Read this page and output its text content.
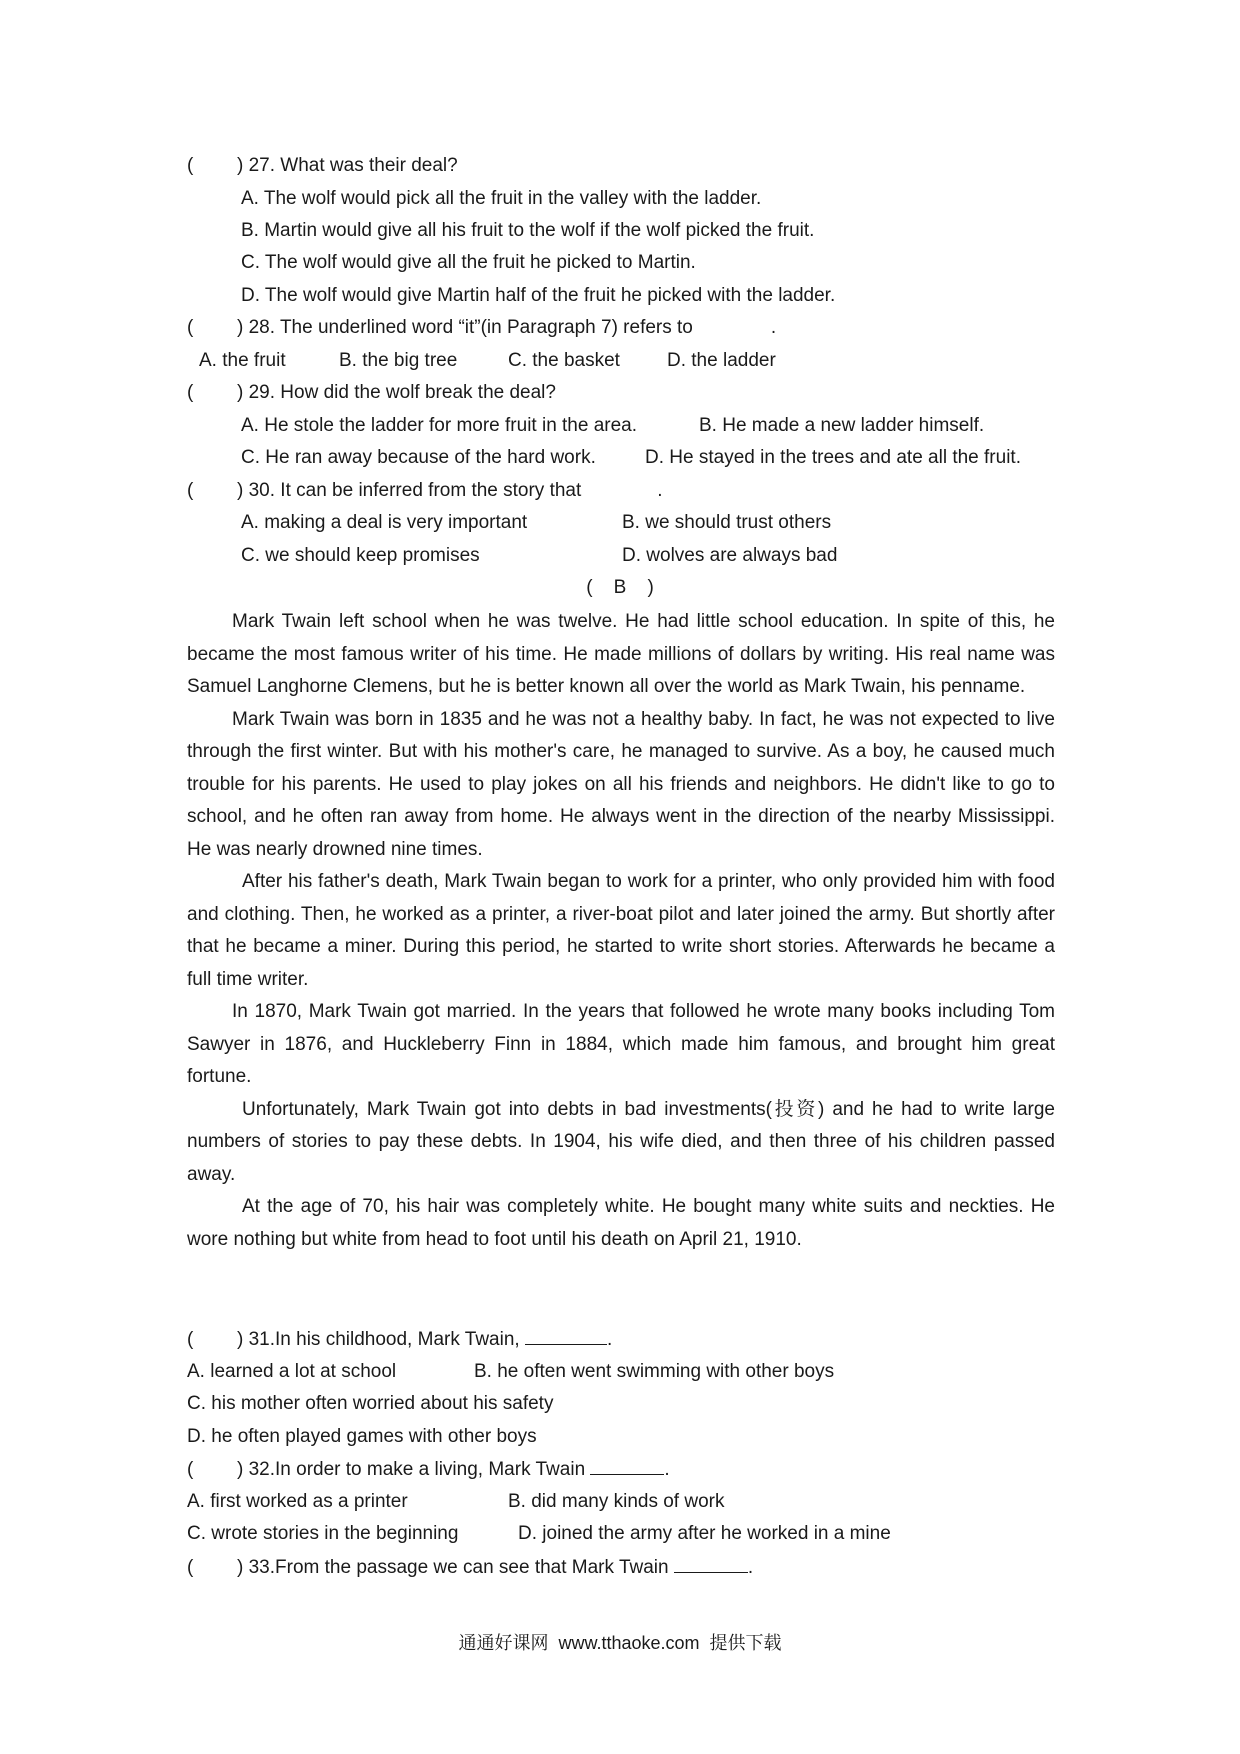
( ) 27. What was their deal?
A. The wolf would pick all the fruit in the valley with the ladder.
B. Martin would give all his fruit to the wolf if the wolf picked the fruit.
C. The wolf would give all the fruit he picked to Martin.
D. The wolf would give Martin half of the fruit he picked with the ladder.
( ) 28. The underlined word “it”(in Paragraph 7) refers to	.
A. the fruit	B. the big tree	C. the basket D. the ladder
( ) 29. How did the wolf break the deal?
A. He stole the ladder for more fruit in the area.	B. He made a new ladder himself.
C. He ran away because of the hard work.	D. He stayed in the trees and ate all the fruit.
( ) 30. It can be inferred from the story that	.
A. making a deal is very important	B. we should trust others
C. we should keep promises	D. wolves are always bad
(    B    )

Mark Twain left school when he was twelve. He had little school education. In spite of this, he became the most famous writer of his time. He made millions of dollars by writing. His real name was Samuel Langhorne Clemens, but he is better known all over the world as Mark Twain, his penname.

Mark Twain was born in 1835 and he was not a healthy baby. In fact, he was not expected to live through the first winter. But with his mother's care, he managed to survive. As a boy, he caused much trouble for his parents. He used to play jokes on all his friends and neighbors. He didn't like to go to school, and he often ran away from home. He always went in the direction of the nearby Mississippi. He was nearly drowned nine times.

After his father's death, Mark Twain began to work for a printer, who only provided him with food and clothing. Then, he worked as a printer, a river-boat pilot and later joined the army. But shortly after that he became a miner. During this period, he started to write short stories. Afterwards he became a full time writer.

In 1870, Mark Twain got married. In the years that followed he wrote many books including Tom Sawyer in 1876, and Huckleberry Finn in 1884, which made him famous, and brought him great fortune.

Unfortunately, Mark Twain got into debts in bad investments(投资) and he had to write large numbers of stories to pay these debts. In 1904, his wife died, and then three of his children passed away.

At the age of 70, his hair was completely white. He bought many white suits and neckties. He wore nothing but white from head to foot until his death on April 21, 1910.

( ) 31.In his childhood, Mark Twain,	.
A. learned a lot at school	B. he often went swimming with other boys
C. his mother often worried about his safety
D. he often played games with other boys
( ) 32.In order to make a living, Mark Twain	.
A. first worked as a printer	B. did many kinds of work
C. wrote stories in the beginning	D. joined the army after he worked in a mine
( ) 33.From the passage we can see that Mark Twain	.
通通好课网  www.tthaoke.com  提供下载
